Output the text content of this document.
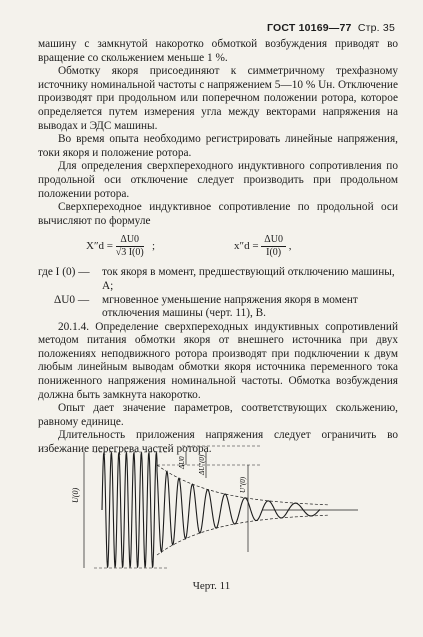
ГОСТ 10169—77 Стр. 35

машину с замкнутой накоротко обмоткой возбуждения приводят во вращение со скольжением меньше 1 %.

Обмотку якоря присоединяют к симметричному трехфазному источнику номинальной частоты с напряжением 5—10 % Uн. Отключение производят при продольном или поперечном положении ротора, которое определяется путем измерения угла между векторами напряжения на выводах и ЭДС машины.

Во время опыта необходимо регистрировать линейные напряжения, токи якоря и положение ротора.

Для определения сверхпереходного индуктивного сопротивления по продольной оси отключение следует производить при продольном положении ротора.

Сверхпереходное индуктивное сопротивление по продольной оси вычисляют по формуле

$X''d = \frac{\Delta U0}{√3 I(0)}$ ;	$x''d = \frac{\Delta U0}{I(0)}$ ,
где I (0) —	ток якоря в момент, предшествующий отключению машины, А;
ΔU0 —	мгновенное уменьшение напряжения якоря в момент отключения машины (черт. 11), В.

20.1.4. Определение сверхпереходных индуктивных сопротивлений методом питания обмотки якоря от внешнего источника при двух положениях неподвижного ротора производят при подключении к двум любым линейным выводам обмотки якоря источника переменного тока пониженного напряжения номинальной частоты. Обмотка возбуждения должна быть замкнута накоротко.

Опыт дает значение параметров, соответствующих скольжению, равному единице.

Длительность приложения напряжения следует ограничить во избежание перегрева частей ротора.

U(0)
ΔU0 ΔU″(0)
U″(0)
Черт. 11
